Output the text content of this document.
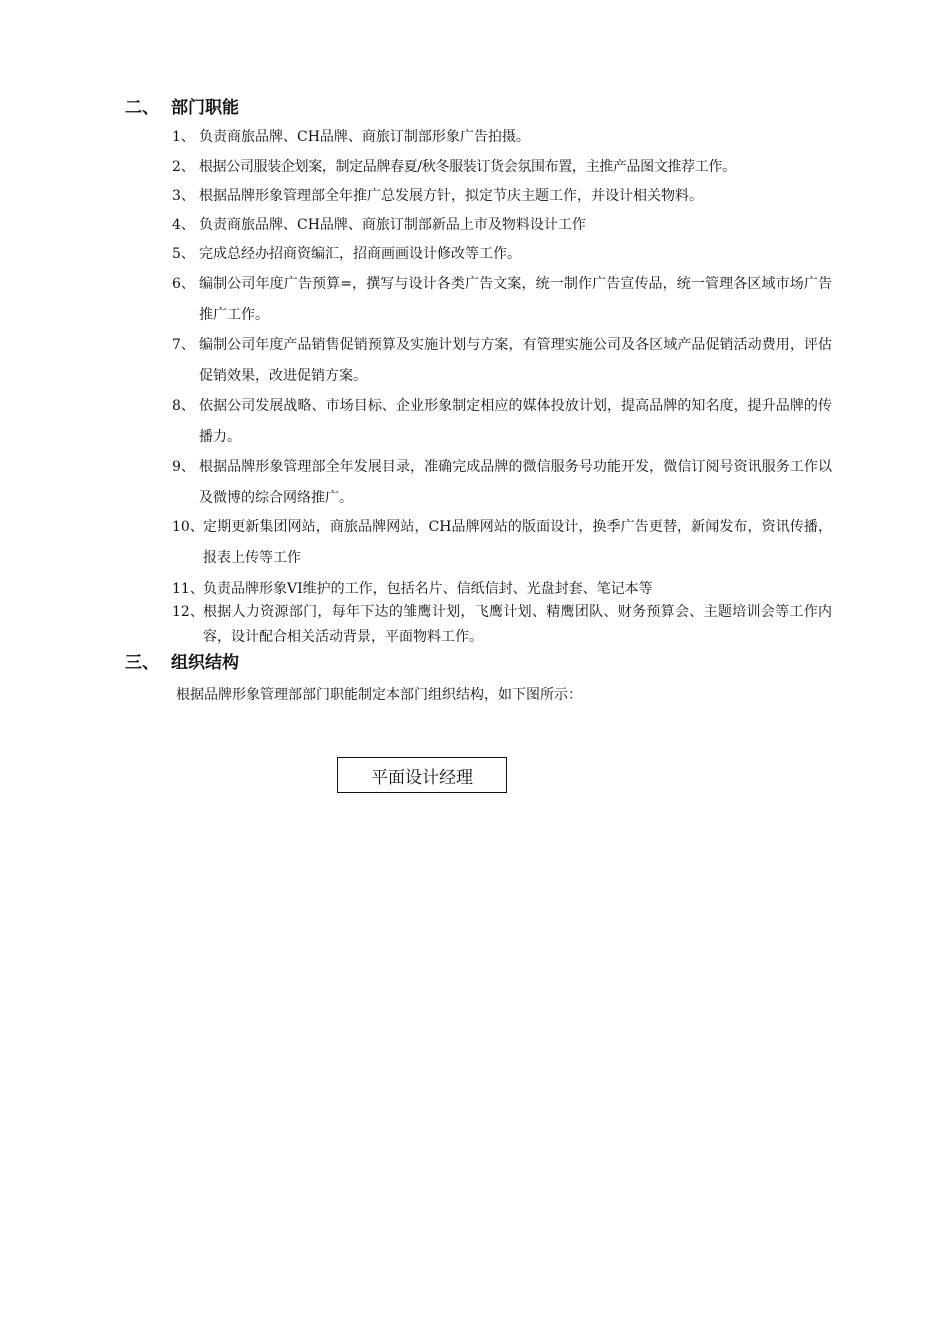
二、 部门职能
1、 负责商旅品牌、CH品牌、商旅订制部形象广告拍摄。
2、 根据公司服装企划案，制定品牌春夏/秋冬服装订货会氛围布置，主推产品图文推荐工作。
3、 根据品牌形象管理部全年推广总发展方针，拟定节庆主题工作，并设计相关物料。
4、 负责商旅品牌、CH品牌、商旅订制部新品上市及物料设计工作
5、 完成总经办招商资编汇，招商画画设计修改等工作。
6、 编制公司年度广告预算=，撰写与设计各类广告文案，统一制作广告宣传品，统一管理各区域市场广告推广工作。
7、 编制公司年度产品销售促销预算及实施计划与方案，有管理实施公司及各区域产品促销活动费用，评估促销效果，改进促销方案。
8、 依据公司发展战略、市场目标、企业形象制定相应的媒体投放计划，提高品牌的知名度，提升品牌的传播力。
9、 根据品牌形象管理部全年发展目录，准确完成品牌的微信服务号功能开发，微信订阅号资讯服务工作以及微博的综合网络推广。
10、 定期更新集团网站，商旅品牌网站，CH品牌网站的版面设计，换季广告更替，新闻发布，资讯传播，报表上传等工作
11、 负责品牌形象VI维护的工作，包括名片、信纸信封、光盘封套、笔记本等
12、 根据人力资源部门，每年下达的雏鹰计划，飞鹰计划、精鹰团队、财务预算会、主题培训会等工作内容，设计配合相关活动背景，平面物料工作。
三、 组织结构
根据品牌形象管理部部门职能制定本部门组织结构，如下图所示：
平面设计经理
